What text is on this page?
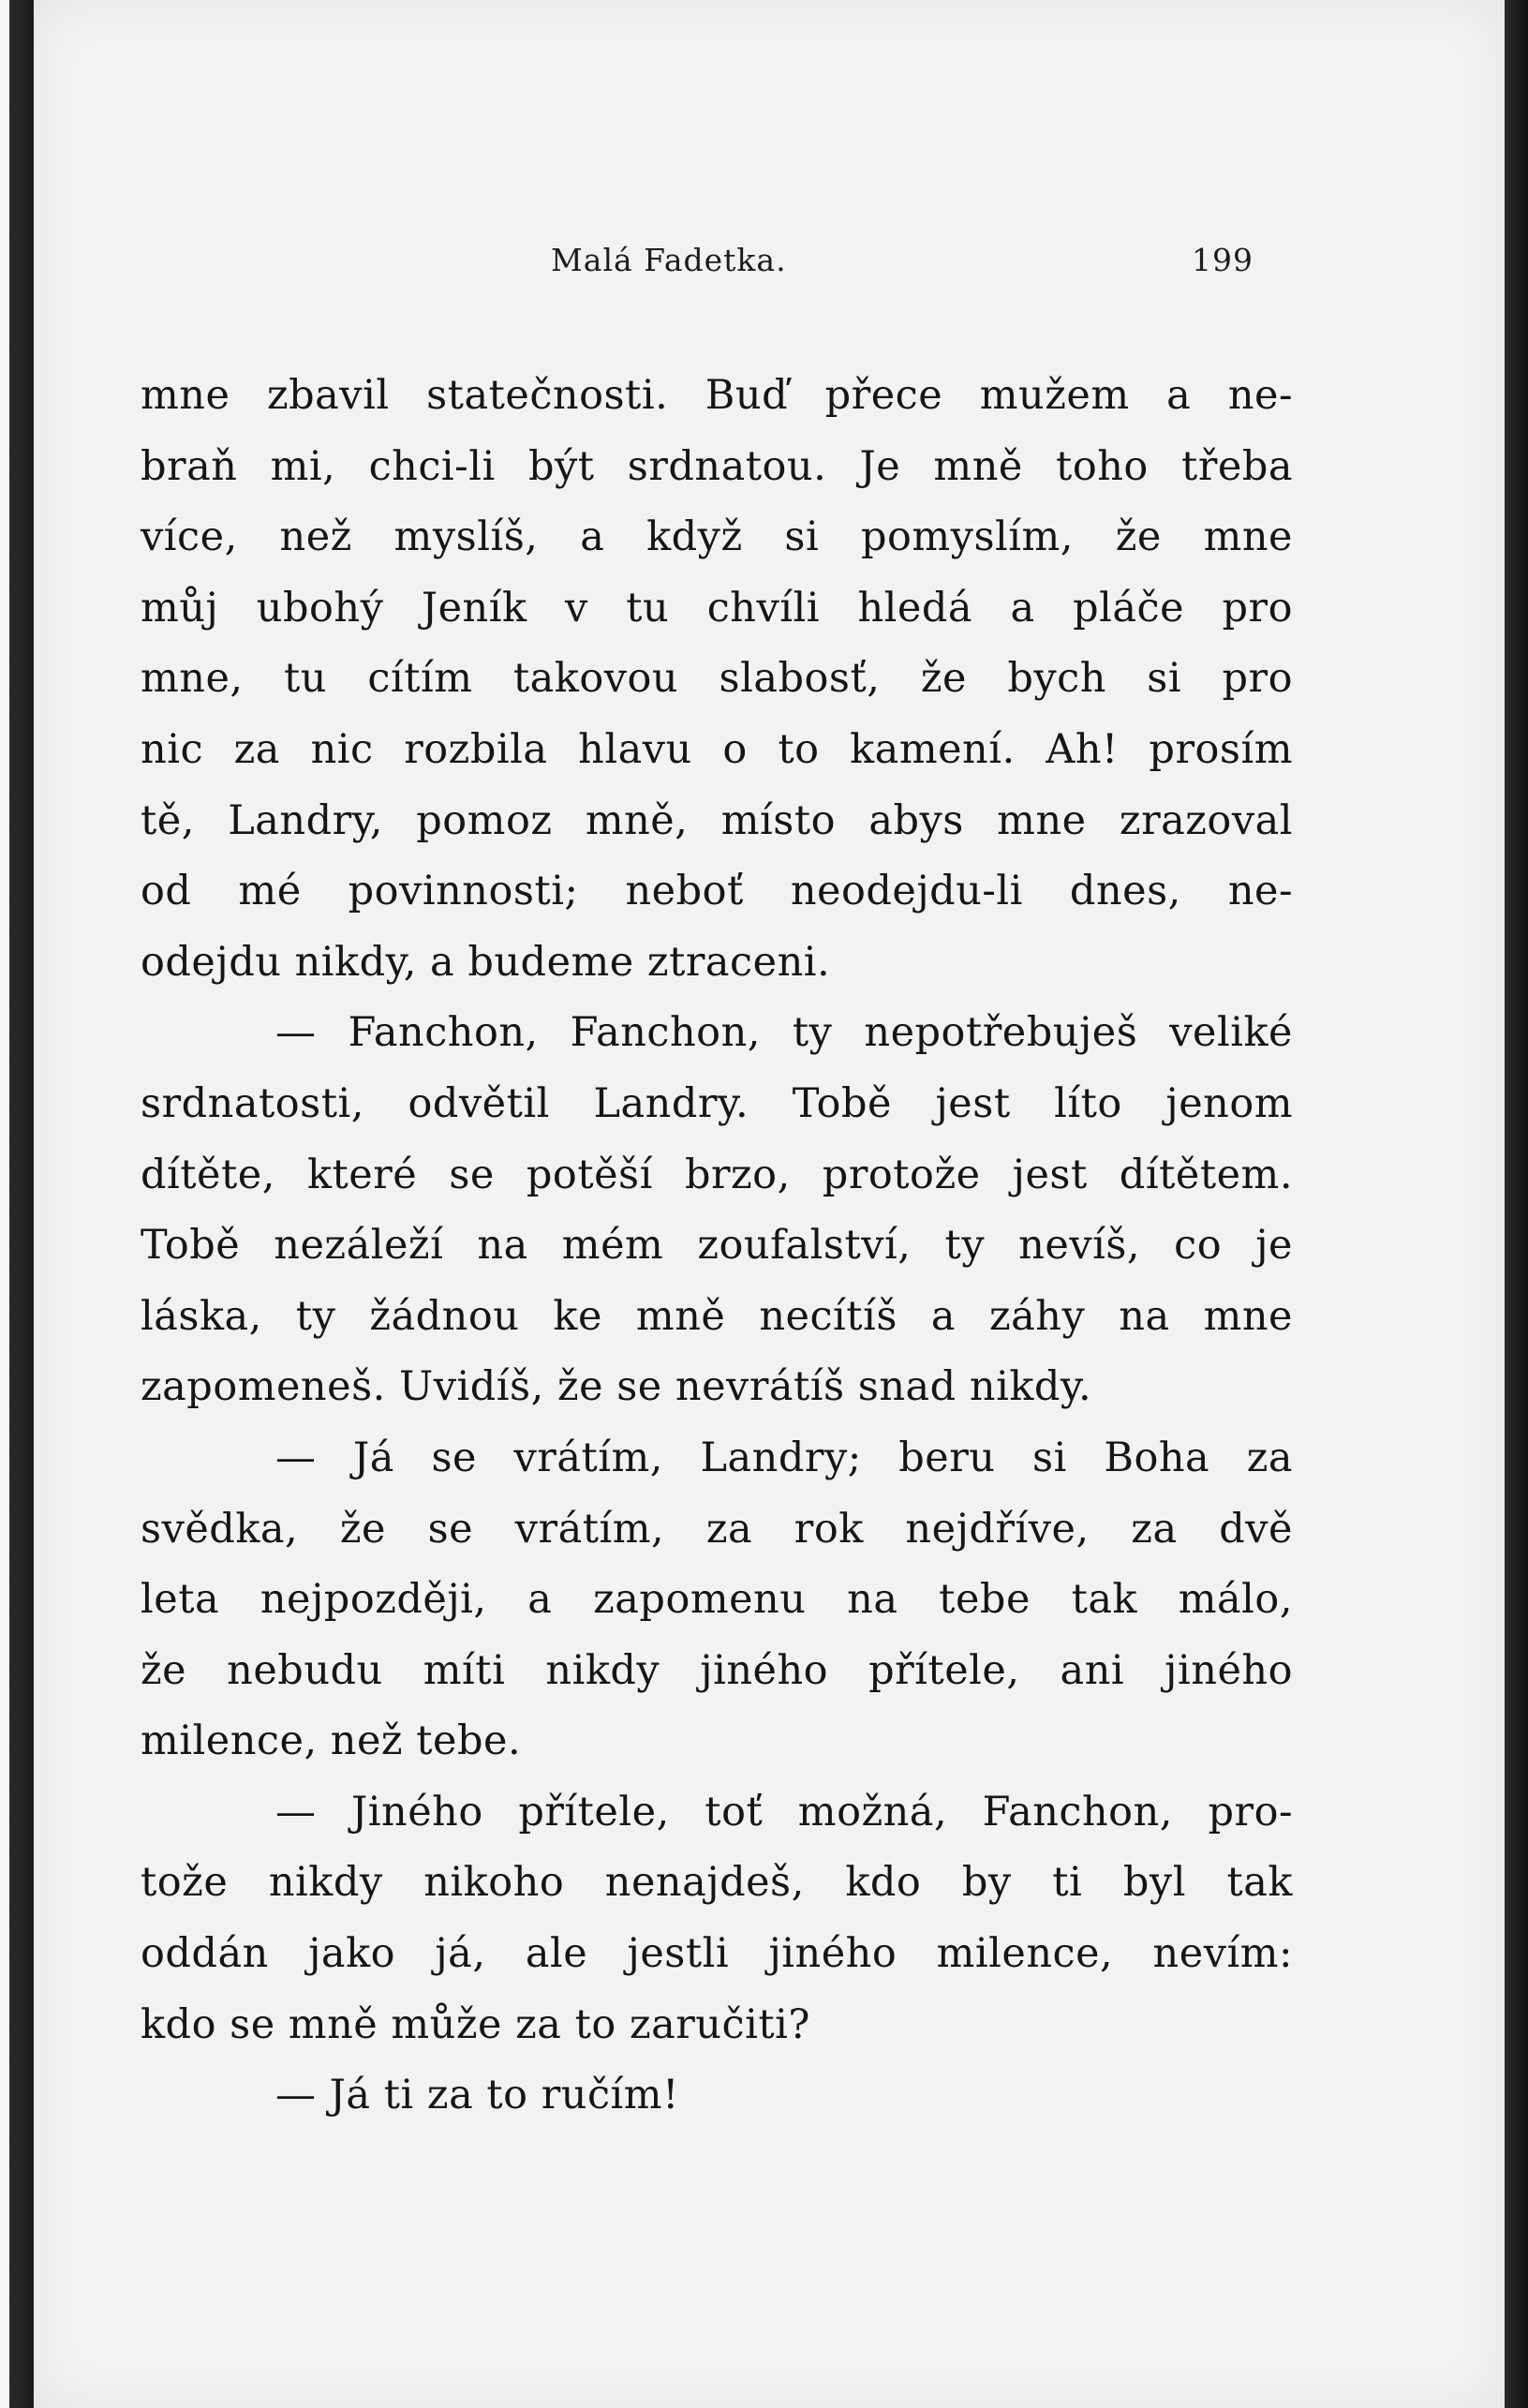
Malá Fadetka.	199
mne zbavil statečnosti. Buď přece mužem a ne-
braň mi, chci-li být srdnatou. Je mně toho třeba
více, než myslíš, a když si pomyslím, že mne
můj ubohý Jeník v tu chvíli hledá a pláče pro
mne, tu cítím takovou slabosť, že bych si pro
nic za nic rozbila hlavu o to kamení. Ah! prosím
tě, Landry, pomoz mně, místo abys mne zrazoval
od mé povinnosti; neboť neodejdu-li dnes, ne-
odejdu nikdy, a budeme ztraceni.
— Fanchon, Fanchon, ty nepotřebuješ veliké
srdnatosti, odvětil Landry. Tobě jest líto jenom
dítěte, které se potěší brzo, protože jest dítětem.
Tobě nezáleží na mém zoufalství, ty nevíš, co je
láska, ty žádnou ke mně necítíš a záhy na mne
zapomeneš. Uvidíš, že se nevrátíš snad nikdy.
— Já se vrátím, Landry; beru si Boha za
svědka, že se vrátím, za rok nejdříve, za dvě
leta nejpozději, a zapomenu na tebe tak málo,
že nebudu míti nikdy jiného přítele, ani jiného
milence, než tebe.
— Jiného přítele, toť možná, Fanchon, pro-
tože nikdy nikoho nenajdeš, kdo by ti byl tak
oddán jako já, ale jestli jiného milence, nevím:
kdo se mně může za to zaručiti?
— Já ti za to ručím!
